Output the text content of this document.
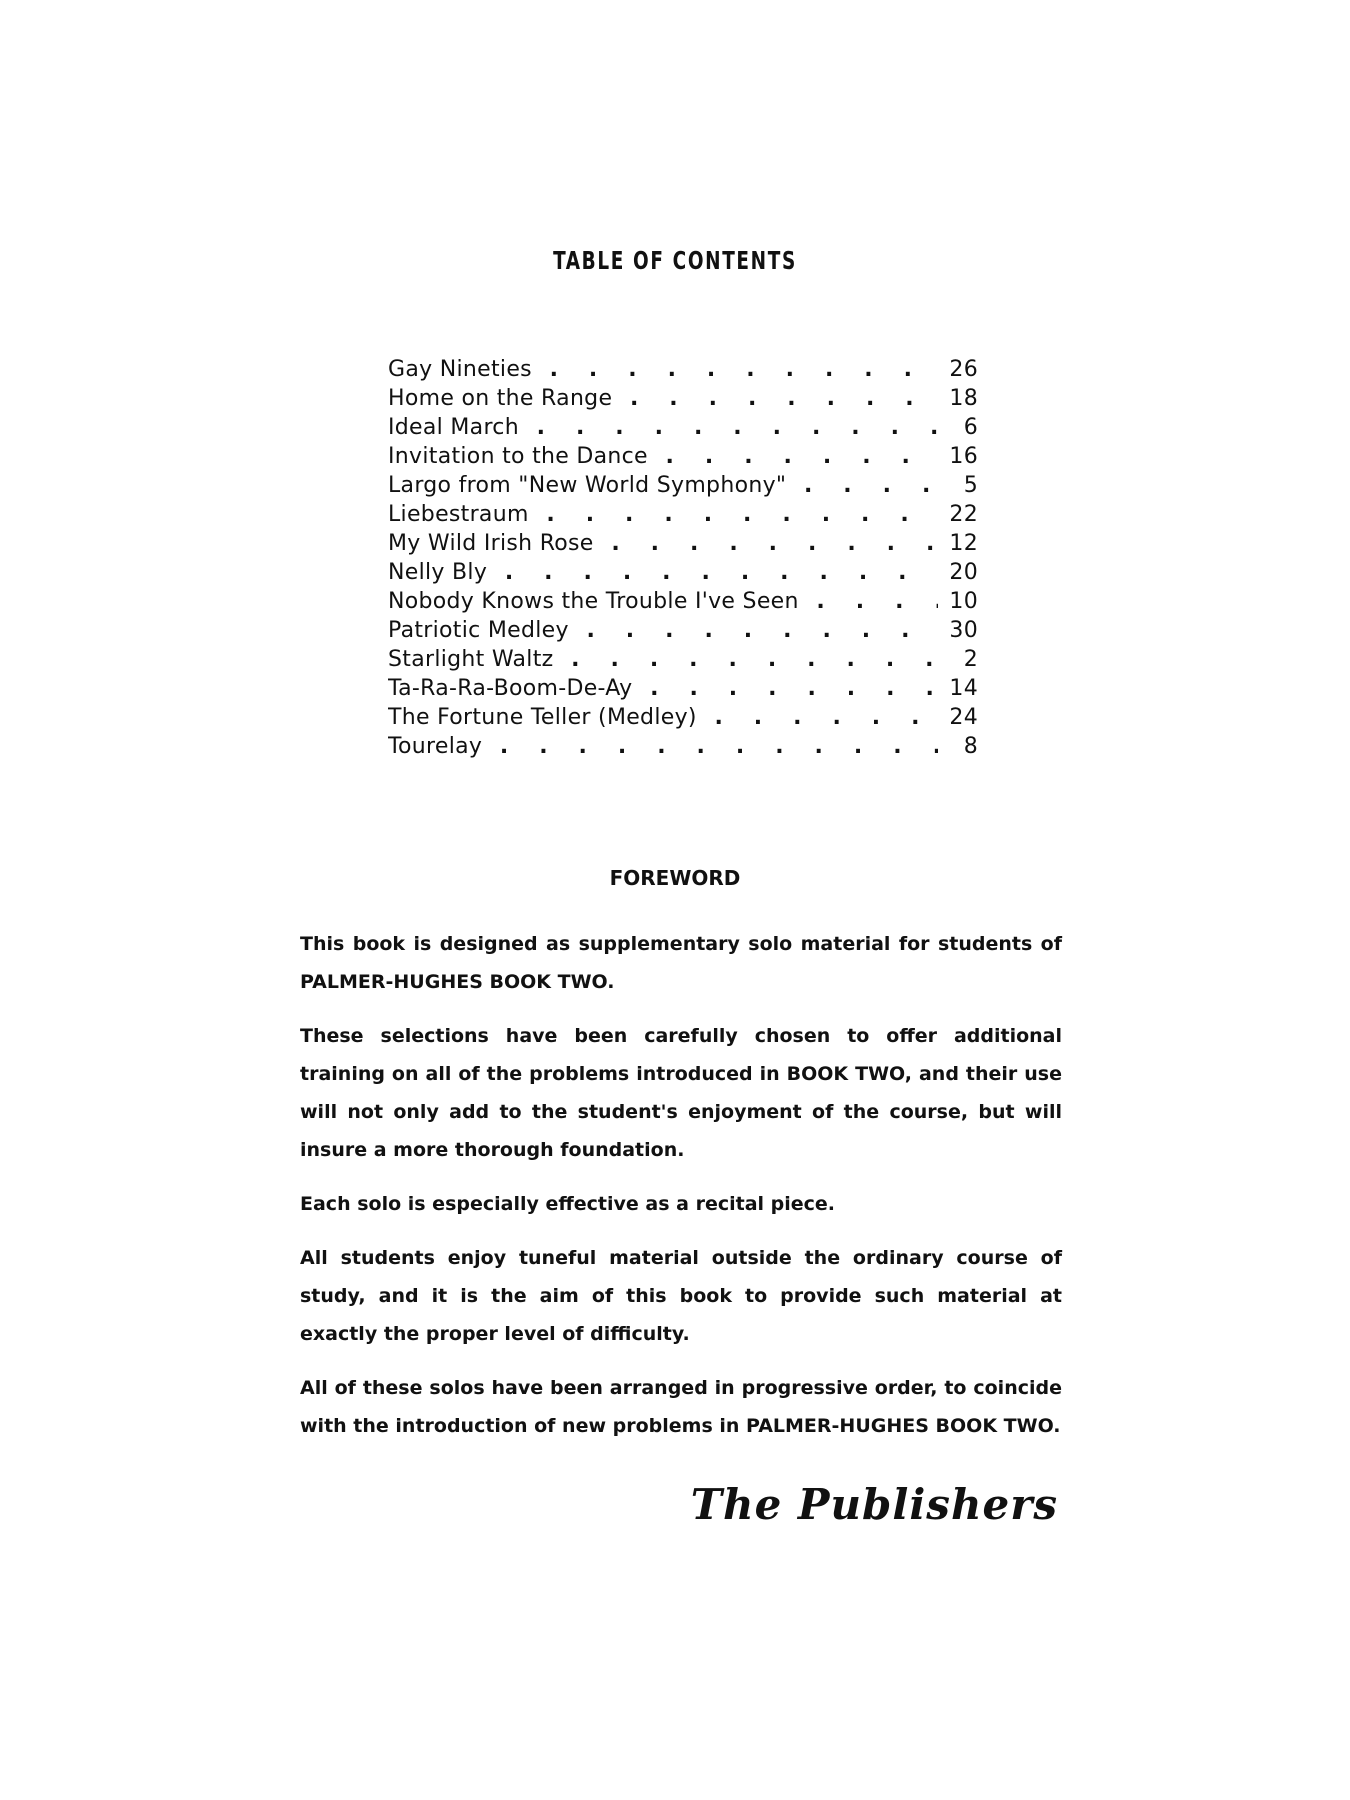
TABLE OF CONTENTS
Gay Nineties . .	26
Home on the Range . .	18
Ideal March . .	6
Invitation to the Dance . .	16
Largo from "New World Symphony" . .	5
Liebestraum . .	22
My Wild Irish Rose . .	12
Nelly Bly . .	20
Nobody Knows the Trouble I've Seen . .	10
Patriotic Medley . .	30
Starlight Waltz . .	2
Ta-Ra-Ra-Boom-De-Ay . .	14
The Fortune Teller (Medley) . .	24
Tourelay . .	8
FOREWORD

This book is designed as supplementary solo material for students of PALMER-HUGHES BOOK TWO.

These selections have been carefully chosen to offer additional training on all of the problems introduced in BOOK TWO, and their use will not only add to the student's enjoyment of the course, but will insure a more thorough foundation.

Each solo is especially effective as a recital piece.

All students enjoy tuneful material outside the ordinary course of study, and it is the aim of this book to provide such material at exactly the proper level of difficulty.

All of these solos have been arranged in progressive order, to coincide with the introduction of new problems in PALMER-HUGHES BOOK TWO.

The Publishers
